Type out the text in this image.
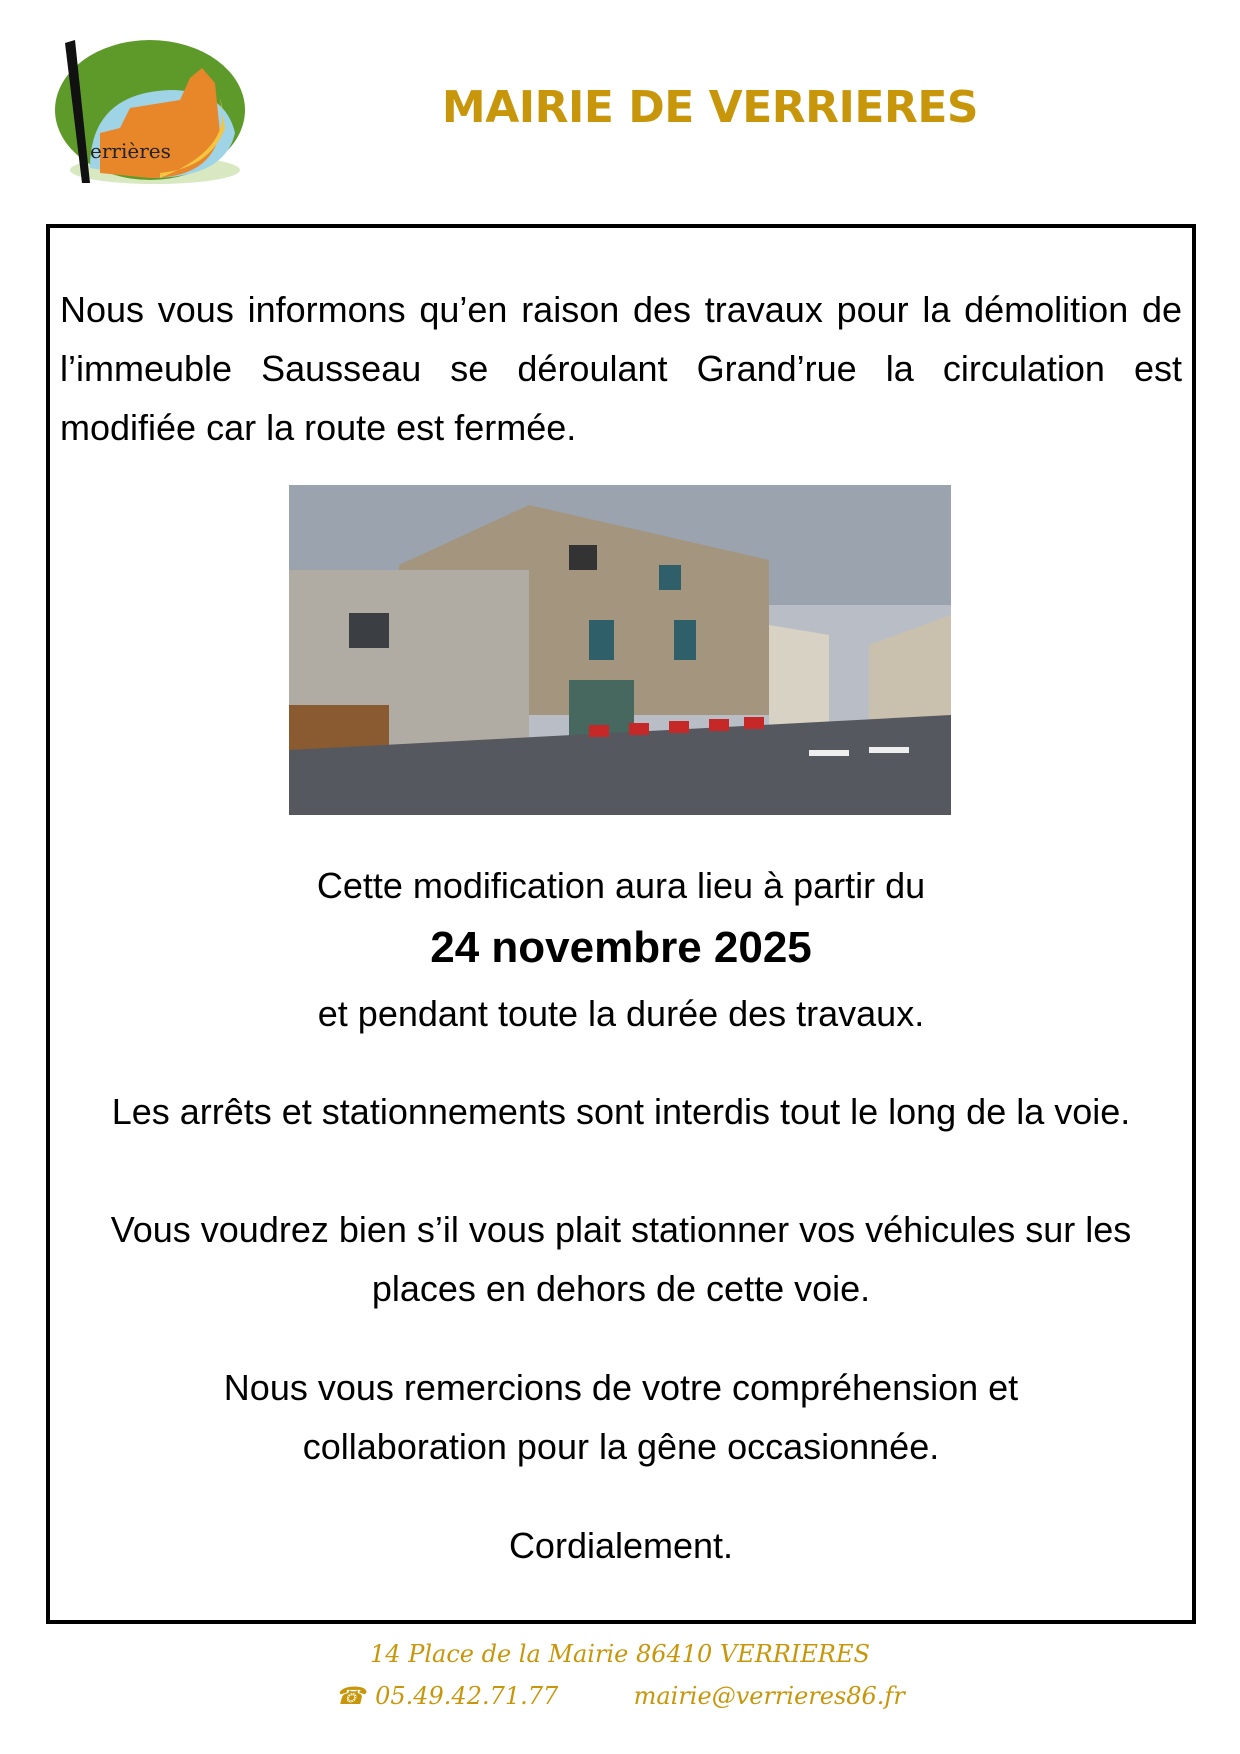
errières
MAIRIE DE VERRIERES
Nous vous informons qu’en raison des travaux pour la démolition de l’immeuble Sausseau se déroulant Grand’rue la circulation est modifiée car la route est fermée.
Cette modification aura lieu à partir du
24 novembre 2025
et pendant toute la durée des travaux.
Les arrêts et stationnements sont interdis tout le long de la voie.
Vous voudrez bien s’il vous plait stationner vos véhicules sur les places en dehors de cette voie.
Nous vous remercions de votre compréhension et collaboration pour la gêne occasionnée.
Cordialement.
14 Place de la Mairie 86410 VERRIERES
☎ 05.49.42.71.77	mairie@verrieres86.fr
